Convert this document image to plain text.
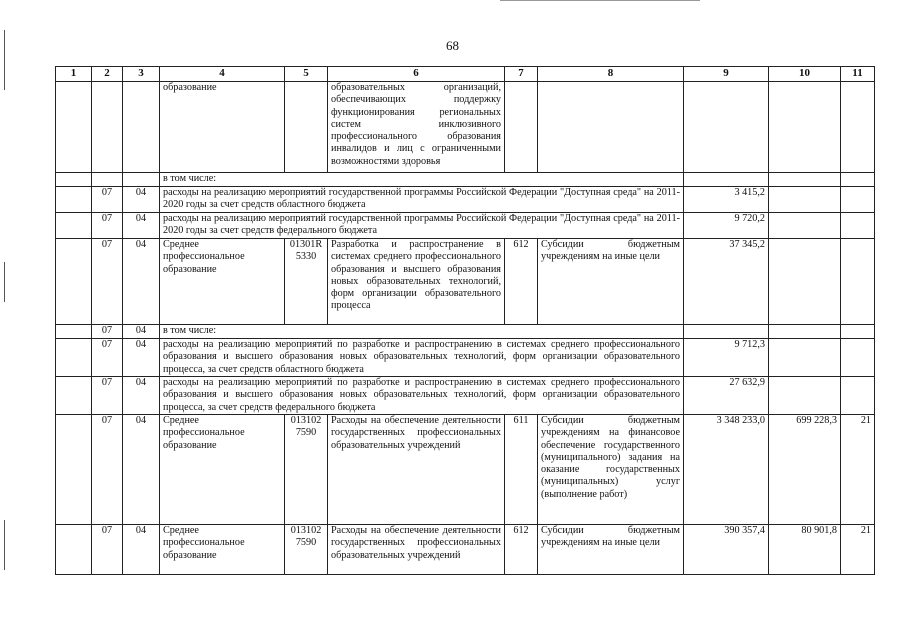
68
1	2	3	4	5	6	7	8	9	10	11
			образование		образовательных организаций, обеспечивающих поддержку функционирования региональных систем инклюзивного профессионального образования инвалидов и лиц с ограниченными возможностями здоровья					
			в том числе:							
	07	04	расходы на реализацию мероприятий государственной программы Российской Федерации "Доступная среда" на 2011-2020 годы за счет средств областного бюджета					3 415,2		
	07	04	расходы на реализацию мероприятий государственной программы Российской Федерации "Доступная среда" на 2011-2020 годы за счет средств федерального бюджета					9 720,2		
	07	04	Среднее профессиональное образование	01301R 5330	Разработка и распространение в системах среднего профессионального образования и высшего образования новых образовательных технологий, форм организации образовательного процесса	612	Субсидии бюджетным учреждениям на иные цели	37 345,2		
	07	04	в том числе:							
	07	04	расходы на реализацию мероприятий по разработке и распространению в системах среднего профессионального образования и высшего образования новых образовательных технологий, форм организации образовательного процесса, за счет средств областного бюджета					9 712,3		
	07	04	расходы на реализацию мероприятий по разработке и распространению в системах среднего профессионального образования и высшего образования новых образовательных технологий, форм организации образовательного процесса, за счет средств федерального бюджета					27 632,9		
	07	04	Среднее профессиональное образование	013102 7590	Расходы на обеспечение деятельности государственных профессиональных образовательных учреждений	611	Субсидии бюджетным учреждениям на финансовое обеспечение государственного (муниципального) задания на оказание государственных (муниципальных) услуг (выполнение работ)	3 348 233,0	699 228,3	21
	07	04	Среднее профессиональное образование	013102 7590	Расходы на обеспечение деятельности государственных профессиональных образовательных учреждений	612	Субсидии бюджетным учреждениям на иные цели	390 357,4	80 901,8	21
